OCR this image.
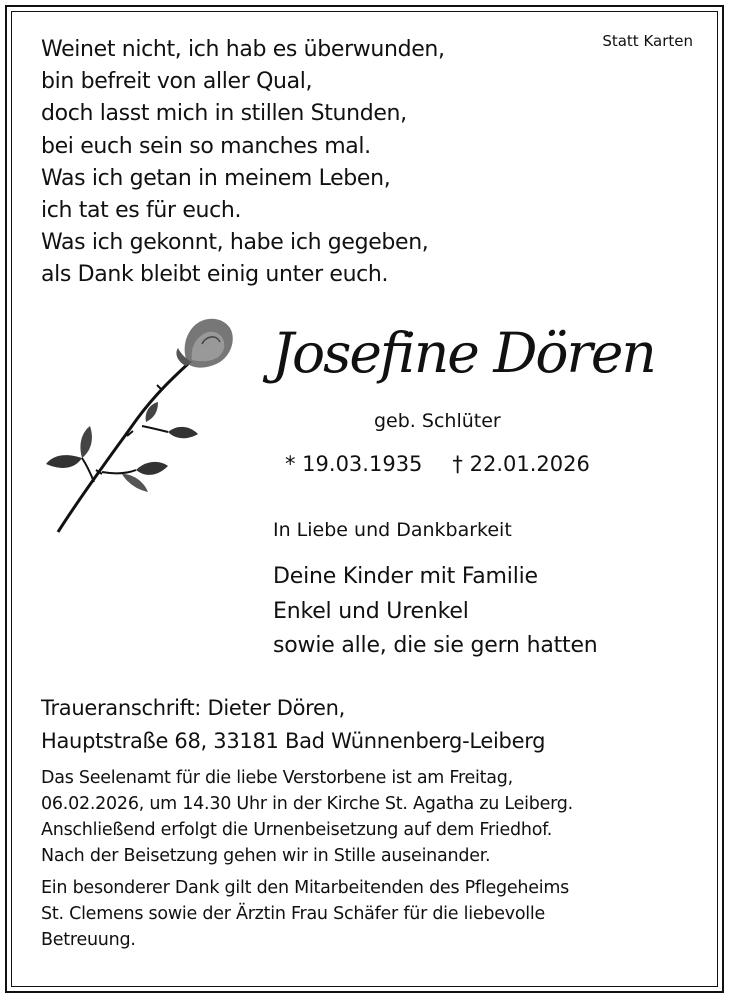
Statt Karten
Weinet nicht, ich hab es überwunden,
bin befreit von aller Qual,
doch lasst mich in stillen Stunden,
bei euch sein so manches mal.
Was ich getan in meinem Leben,
ich tat es für euch.
Was ich gekonnt, habe ich gegeben,
als Dank bleibt einig unter euch.
Josefine Dören
geb. Schlüter
* 19.03.1935 † 22.01.2026
In Liebe und Dankbarkeit
Deine Kinder mit Familie
Enkel und Urenkel
sowie alle, die sie gern hatten
Traueranschrift: Dieter Dören,
Hauptstraße 68, 33181 Bad Wünnenberg-Leiberg
Das Seelenamt für die liebe Verstorbene ist am Freitag,
06.02.2026, um 14.30 Uhr in der Kirche St. Agatha zu Leiberg.
Anschließend erfolgt die Urnenbeisetzung auf dem Friedhof.
Nach der Beisetzung gehen wir in Stille auseinander.
Ein besonderer Dank gilt den Mitarbeitenden des Pflegeheims
St. Clemens sowie der Ärztin Frau Schäfer für die liebevolle
Betreuung.
